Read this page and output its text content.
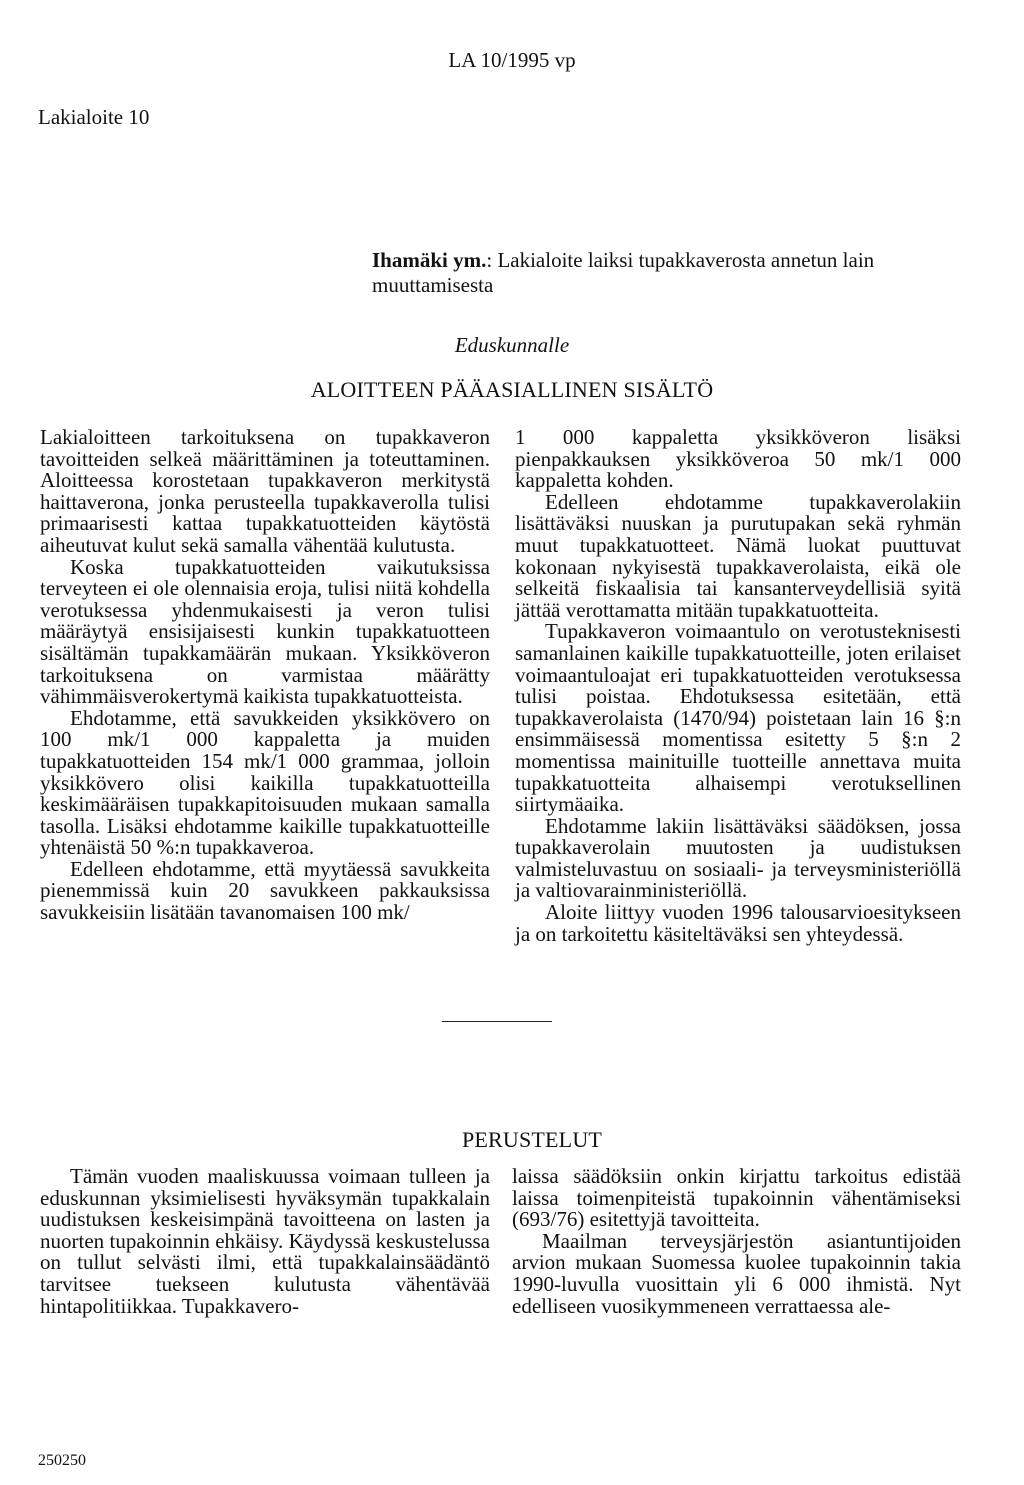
LA 10/1995 vp
Lakialoite 10
Ihamäki ym.: Lakialoite laiksi tupakkaverosta annetun lain muuttamisesta
Eduskunnalle
ALOITTEEN PÄÄASIALLINEN SISÄLTÖ

Lakialoitteen tarkoituksena on tupakkaveron tavoitteiden selkeä määrittäminen ja toteuttaminen. Aloitteessa korostetaan tupakkaveron merkitystä haittaverona, jonka perusteella tupakkaverolla tulisi primaarisesti kattaa tupakkatuotteiden käytöstä aiheutuvat kulut sekä samalla vähentää kulutusta.

Koska tupakkatuotteiden vaikutuksissa terveyteen ei ole olennaisia eroja, tulisi niitä kohdella verotuksessa yhdenmukaisesti ja veron tulisi määräytyä ensisijaisesti kunkin tupakkatuotteen sisältämän tupakkamäärän mukaan. Yksikköveron tarkoituksena on varmistaa määrätty vähimmäisverokertymä kaikista tupakkatuotteista.

Ehdotamme, että savukkeiden yksikkövero on 100 mk/1 000 kappaletta ja muiden tupakkatuotteiden 154 mk/1 000 grammaa, jolloin yksikkövero olisi kaikilla tupakkatuotteilla keskimääräisen tupakkapitoisuuden mukaan samalla tasolla. Lisäksi ehdotamme kaikille tupakkatuotteille yhtenäistä 50 %:n tupakkaveroa.

Edelleen ehdotamme, että myytäessä savukkeita pienemmissä kuin 20 savukkeen pakkauksissa savukkeisiin lisätään tavanomaisen 100 mk/

1 000 kappaletta yksikköveron lisäksi pienpakkauksen yksikköveroa 50 mk/1 000 kappaletta kohden.

Edelleen ehdotamme tupakkaverolakiin lisättäväksi nuuskan ja purutupakan sekä ryhmän muut tupakkatuotteet. Nämä luokat puuttuvat kokonaan nykyisestä tupakkaverolaista, eikä ole selkeitä fiskaalisia tai kansanterveydellisiä syitä jättää verottamatta mitään tupakkatuotteita.

Tupakkaveron voimaantulo on verotusteknisesti samanlainen kaikille tupakkatuotteille, joten erilaiset voimaantuloajat eri tupakkatuotteiden verotuksessa tulisi poistaa. Ehdotuksessa esitetään, että tupakkaverolaista (1470/94) poistetaan lain 16 §:n ensimmäisessä momentissa esitetty 5 §:n 2 momentissa mainituille tuotteille annettava muita tupakkatuotteita alhaisempi verotuksellinen siirtymäaika.

Ehdotamme lakiin lisättäväksi säädöksen, jossa tupakkaverolain muutosten ja uudistuksen valmisteluvastuu on sosiaali- ja terveysministeriöllä ja valtiovarainministeriöllä.

Aloite liittyy vuoden 1996 talousarvioesitykseen ja on tarkoitettu käsiteltäväksi sen yhteydessä.

PERUSTELUT

Tämän vuoden maaliskuussa voimaan tulleen ja eduskunnan yksimielisesti hyväksymän tupakkalain uudistuksen keskeisimpänä tavoitteena on lasten ja nuorten tupakoinnin ehkäisy. Käydyssä keskustelussa on tullut selvästi ilmi, että tupakkalainsäädäntö tarvitsee tuekseen kulutusta vähentävää hintapolitiikkaa. Tupakkavero-

laissa säädöksiin onkin kirjattu tarkoitus edistää laissa toimenpiteistä tupakoinnin vähentämiseksi (693/76) esitettyjä tavoitteita.

Maailman terveysjärjestön asiantuntijoiden arvion mukaan Suomessa kuolee tupakoinnin takia 1990-luvulla vuosittain yli 6 000 ihmistä. Nyt edelliseen vuosikymmeneen verrattaessa ale-

250250
